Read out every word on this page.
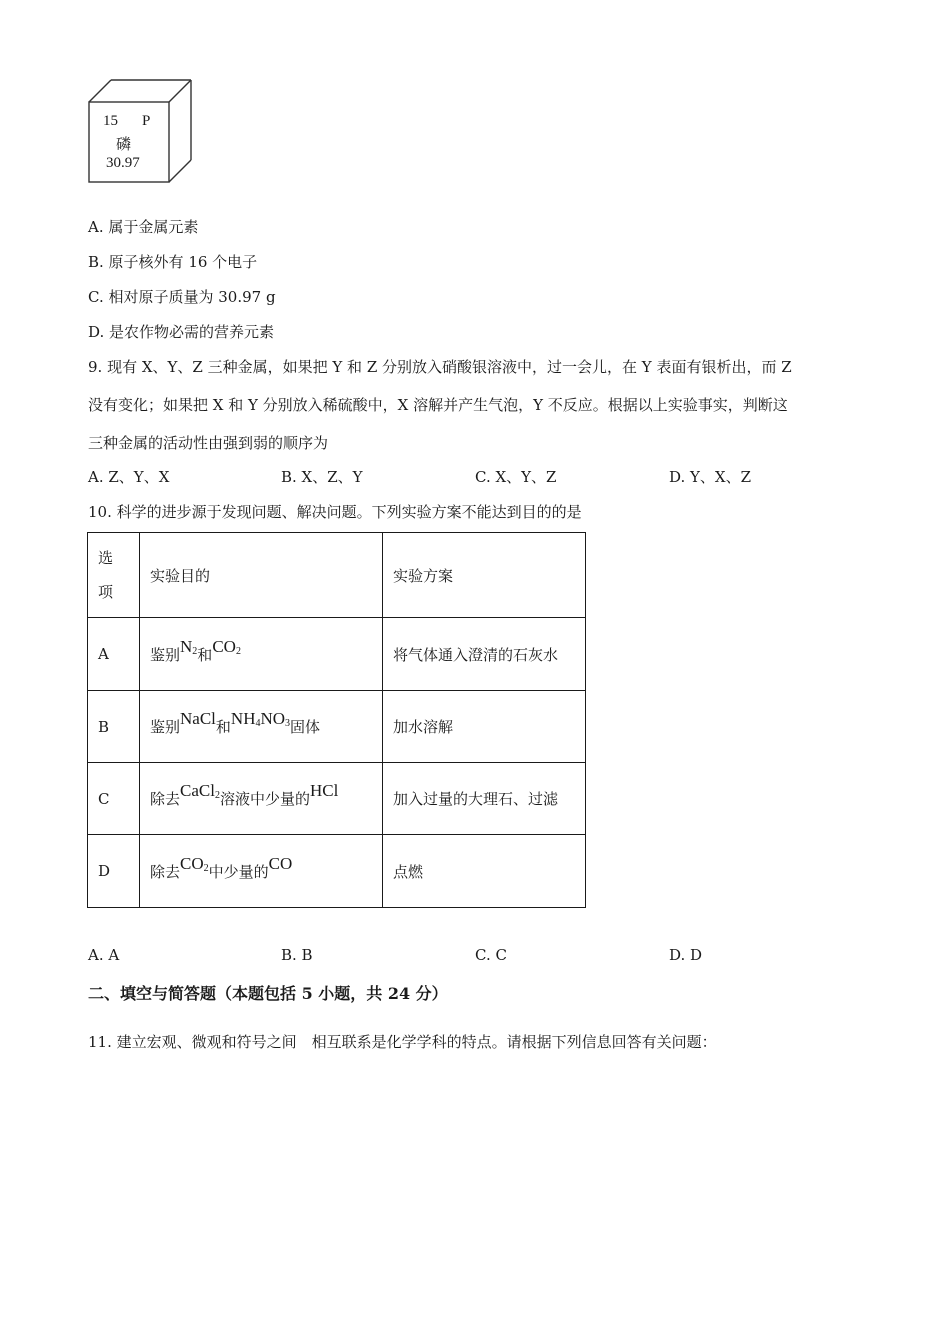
15 P
磷
30.97
A. 属于金属元素
B. 原子核外有 16 个电子
C. 相对原子质量为 30.97 g
D. 是农作物必需的营养元素
9. 现有 X、Y、Z 三种金属，如果把 Y 和 Z 分别放入硝酸银溶液中，过一会儿，在 Y 表面有银析出，而 Z
没有变化；如果把 X 和 Y 分别放入稀硫酸中，X 溶解并产生气泡，Y 不反应。根据以上实验事实，判断这
三种金属的活动性由强到弱的顺序为
A. Z、Y、X	B. X、Z、Y	C. X、Y、Z	D. Y、X、Z
10. 科学的进步源于发现问题、解决问题。下列实验方案不能达到目的的是
选
项	实验目的	实验方案
A	鉴别$N_2$和$CO_2$	将气体通入澄清的石灰水
B	鉴别NaCl和$NH_4NO_3$固体	加水溶解
C	除去CaCl$_2$溶液中少量的HCl	加入过量的大理石、过滤
D	除去$CO_2$中少量的CO	点燃
A. A	B. B	C. C	D. D
二、填空与简答题（本题包括 5 小题，共 24 分）
11. 建立宏观、微观和符号之间　相互联系是化学学科的特点。请根据下列信息回答有关问题：
